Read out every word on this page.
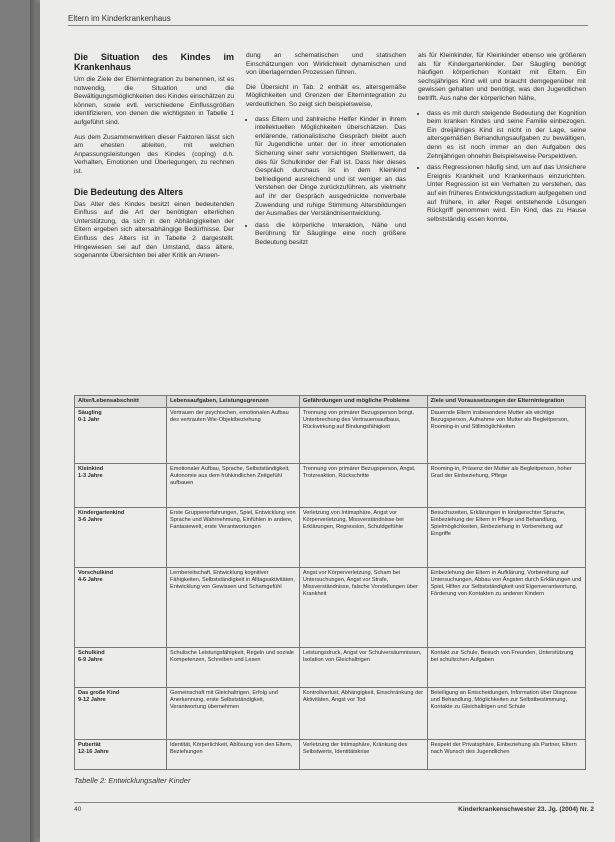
Eltern im Kinderkrankenhaus
Die Situation des Kindes im Krankenhaus

Um die Ziele der Elternintegration zu benennen, ist es notwendig, die Situation und die Bewältigungsmöglichkeiten des Kindes einschätzen zu können, sowie evtl. verschiedene Einflussgrößen identifizieren, von denen die wichtigsten in Tabelle 1 aufgeführt sind.

Aus dem Zusammenwirken dieser Faktoren lässt sich am ehesten ableiten, mit welchen Anpassungsleistungen des Kindes (coping) d.h. Verhalten, Emotionen und Überlegungen, zu rechnen ist.

Die Bedeutung des Alters

Das Alter des Kindes besitzt einen bedeutenden Einfluss auf die Art der benötigten elterlichen Unterstützung, da sich in den Abhängigkeiten der Eltern ergeben sich altersabhängige Bedürfnisse. Der Einfluss des Alters ist in Tabelle 2 dargestellt. Hingewiesen sei auf den Umstand, dass ältere, sogenannte Übersichten bei aller Kritik an Anwen-

dung an schematischen und statischen Einschätzungen von Wirklichkeit dynamischen und von überlagernden Prozessen führen.

Die Übersicht in Tab. 2 enthält es, altersgemäße Möglichkeiten und Grenzen der Elternintegration zu verdeutlichen. So zeigt sich beispielsweise,

• dass Eltern und zahlreiche Helfer Kinder in ihrem intellektuellen Möglichkeiten überschätzen. Das erklärende, rationalistische Gespräch bleibt auch für Jugendliche unter der in ihrer emotionalen Sicherung einer sehr vorsichtigen Stellenwert, da dies für Schulkinder der Fall ist. Dass hier dieses Gespräch durchaus ist in dem Kleinkind befriedigend ausreichend und ist weniger an das Verstehen der Dinge zurückzuführen, als vielmehr auf ihr der Gespräch ausgedrückte nonverbale Zuwendung und ruhige Stimmung Altersbildungen der Ausmaßes der Verständnisentwicklung.
• dass die körperliche Interaktion, Nähe und Berührung für Säuglinge eine noch größere Bedeutung besitzt

als für Kleinkinder, für Kleinkinder ebenso wie größeren als für Kindergartenkinder. Der Säugling benötigt häufigen körperlichen Kontakt mit Eltern. Ein sechsjähriges Kind will und braucht demgegenüber mit gewissen gehalten und benötigt, was den Jugendlichen betrifft. Aus nahe der körperlichen Nähe,

• dass es mit durch steigende Bedeutung der Kognition beim kranken Kindes und seine Familie einbezogen. Ein dreijähriges Kind ist nicht in der Lage, seine altersgemäßen Behandlungsaufgaben zu bewältigen, denn es ist noch immer an den Aufgaben des Zehnjährigen ohnehin Beispielsweise Perspektiven.
• dass Regressionen häufig sind, um auf das Unsichere Ereignis Krankheit und Krankenhaus einzurichten. Unter Regression ist ein Verhalten zu verstehen, das auf ein früheres Entwicklungsstadium aufgegeben und auf frühere, in aller Regel entstehende Lösungen Rückgriff genommen wird. Ein Kind, das zu Hause selbstständig essen konnte,
Alter/Lebensabschnitt	Lebensaufgaben, Leistungsgrenzen	Gefährdungen und mögliche Probleme	Ziele und Voraussetzungen der Elternintegration
Säugling
0-1 Jahr	Vertrauen der psychischen, emotionalen Aufbau des vertrauten Wie-Objektbeziehung	Trennung von primärer Bezugsperson bringt, Unterbrechung des Vertrauensaufbaus, Rückwirkung auf Bindungsfähigkeit	Dauernde Eltern insbesondere Mutter als wichtige Bezugsperson, Aufnahme von Mutter als Begleitperson, Rooming-in und Stillmöglichkeiten
Kleinkind
1-3 Jahre	Emotionaler Aufbau, Sprache, Selbstständigkeit, Autonomie aus dem frühkindlichen Zeitgefühl aufbauen	Trennung von primärer Bezugsperson, Angst, Trotzreaktion, Rückschritte	Rooming-in, Präsenz der Mutter als Begleitperson, hoher Grad der Einbeziehung, Pflege
Kindergartenkind
3-6 Jahre	Erste Gruppenerfahrungen, Spiel, Entwicklung von Sprache und Wahrnehmung, Einfühlen in andere, Fantasiewelt, erste Verantwortungen	Verletzung von Intimsphäre, Angst vor Körperverletzung, Missverständnisse bei Erklärungen, Regression, Schuldgefühle	Besuchszeiten, Erklärungen in kindgerechter Sprache, Einbeziehung der Eltern in Pflege und Behandlung, Spielmöglichkeiten, Einbeziehung in Vorbereitung auf Eingriffe
Vorschulkind
4-6 Jahre	Lernbereitschaft, Entwicklung kognitiver Fähigkeiten, Selbstständigkeit in Alltagsaktivitäten, Entwicklung von Gewissen und Schamgefühl	Angst vor Körperverletzung, Scham bei Untersuchungen, Angst vor Strafe, Missverständnisse, falsche Vorstellungen über Krankheit	Einbeziehung der Eltern in Aufklärung, Vorbereitung auf Untersuchungen, Abbau von Ängsten durch Erklärungen und Spiel, Hilfen zur Selbstständigkeit und Eigenverantwortung, Förderung von Kontakten zu anderen Kindern
Schulkind
6-9 Jahre	Schulische Leistungsfähigkeit, Regeln und soziale Kompetenzen, Schreiben und Lesen	Leistungsdruck, Angst vor Schulversäumnissen, Isolation von Gleichaltrigen	Kontakt zur Schule, Besuch von Freunden, Unterstützung bei schulischen Aufgaben
Das große Kind
9-12 Jahre	Gemeinschaft mit Gleichaltrigen, Erfolg und Anerkennung, erste Selbstständigkeit, Verantwortung übernehmen	Kontrollverlust, Abhängigkeit, Einschränkung der Aktivitäten, Angst vor Tod	Beteiligung an Entscheidungen, Information über Diagnose und Behandlung, Möglichkeiten zur Selbstbestimmung, Kontakte zu Gleichaltrigen und Schule
Pubertät
12-16 Jahre	Identität, Körperlichkeit, Ablösung von den Eltern, Beziehungen	Verletzung der Intimsphäre, Kränkung des Selbstwerts, Identitätskrise	Respekt der Privatsphäre, Einbeziehung als Partner, Eltern nach Wunsch des Jugendlichen
Tabelle 2: Entwicklungsalter Kinder
40	Kinderkrankenschwester 23. Jg. (2004) Nr. 2
